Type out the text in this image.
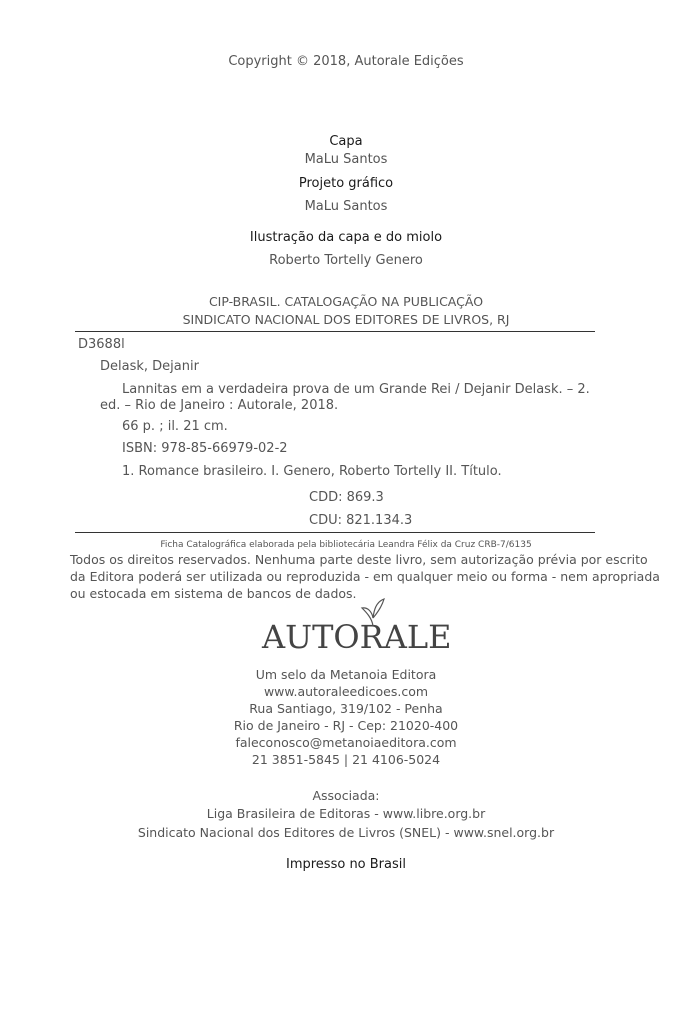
Copyright © 2018, Autorale Edições
Capa
MaLu Santos
Projeto gráfico
MaLu Santos
Ilustração da capa e do miolo
Roberto Tortelly Genero
CIP-BRASIL. CATALOGAÇÃO NA PUBLICAÇÃO
SINDICATO NACIONAL DOS EDITORES DE LIVROS, RJ
D3688l
Delask, Dejanir
Lannitas em a verdadeira prova de um Grande Rei / Dejanir Delask. – 2.
ed. – Rio de Janeiro : Autorale, 2018.
66 p. ; il. 21 cm.
ISBN: 978-85-66979-02-2
1. Romance brasileiro. I. Genero, Roberto Tortelly II. Título.
CDD: 869.3
CDU: 821.134.3
Ficha Catalográfica elaborada pela bibliotecária Leandra Félix da Cruz CRB-7/6135
Todos os direitos reservados. Nenhuma parte deste livro, sem autorização prévia por escrito
da Editora poderá ser utilizada ou reproduzida - em qualquer meio ou forma - nem apropriada
ou estocada em sistema de bancos de dados.
AUTORALE
Um selo da Metanoia Editora
www.autoraleedicoes.com
Rua Santiago, 319/102 - Penha
Rio de Janeiro - RJ - Cep: 21020-400
faleconosco@metanoiaeditora.com
21 3851-5845 | 21 4106-5024
Associada:
Liga Brasileira de Editoras - www.libre.org.br
Sindicato Nacional dos Editores de Livros (SNEL) - www.snel.org.br
Impresso no Brasil
